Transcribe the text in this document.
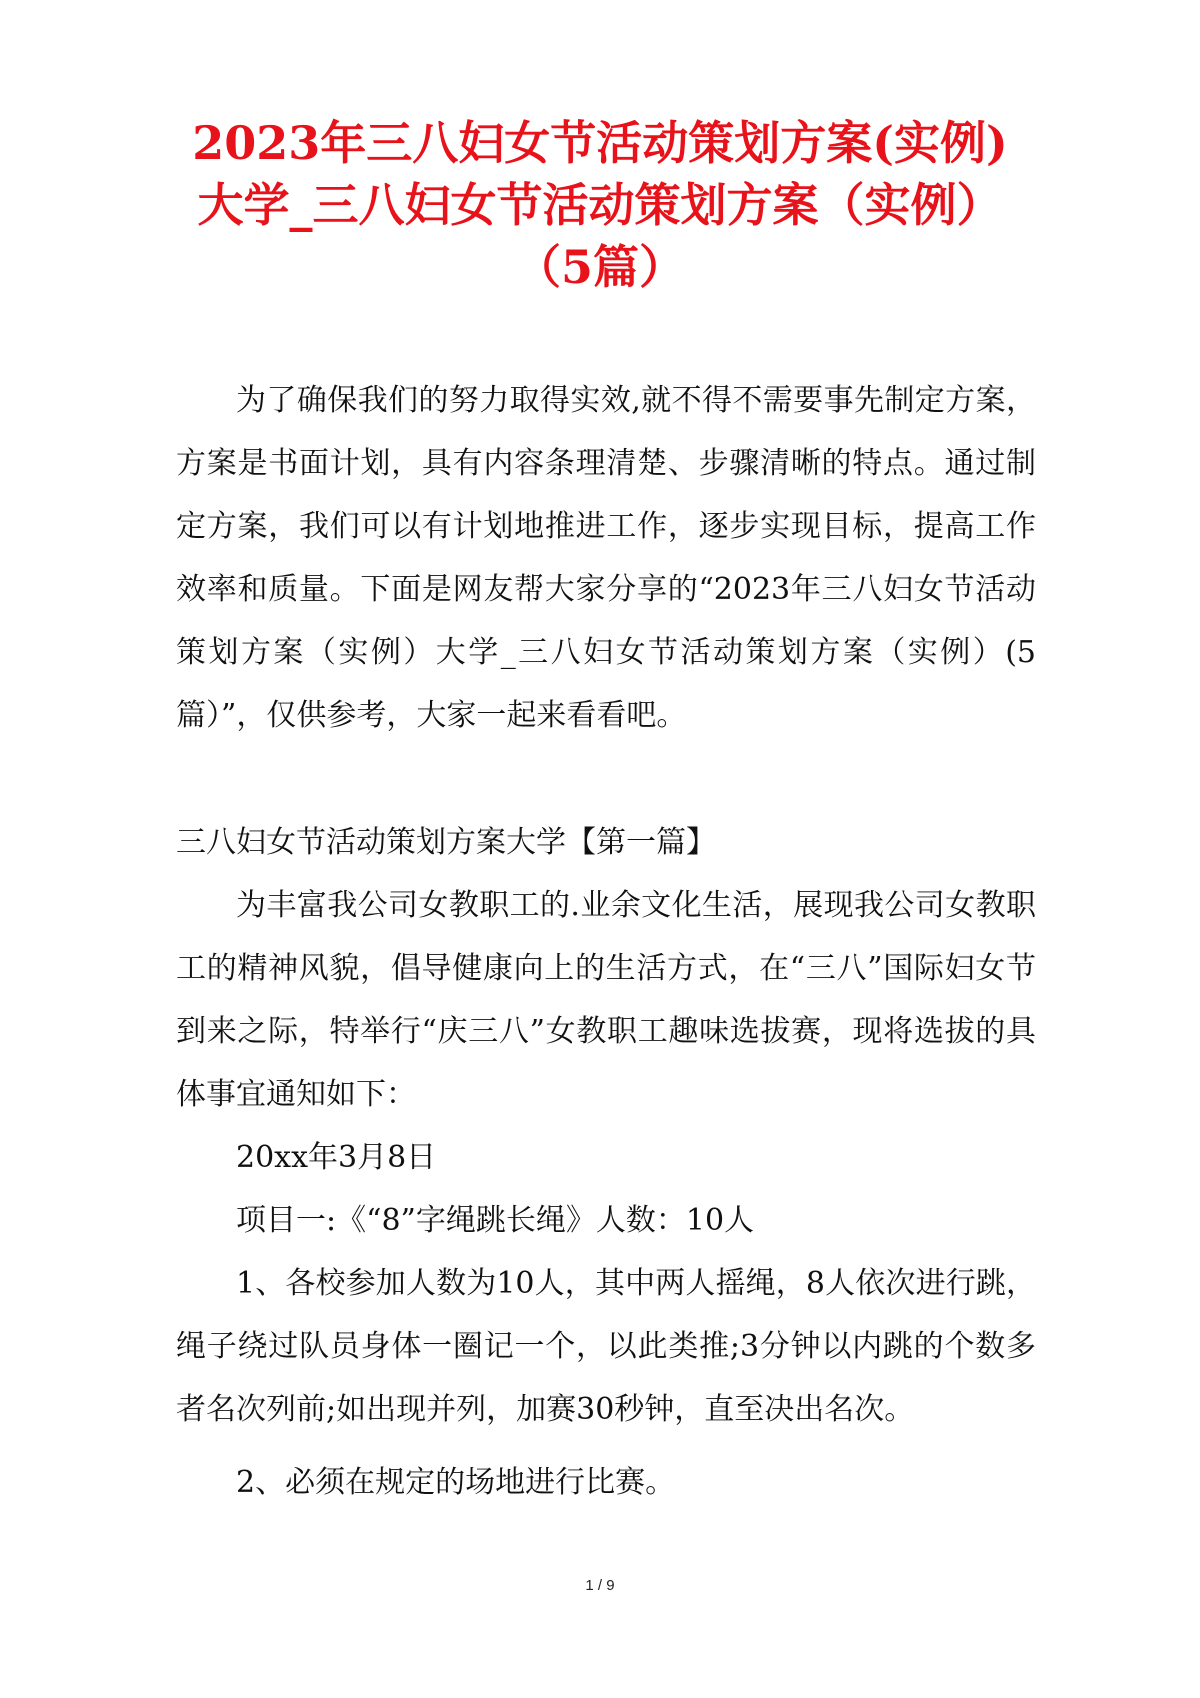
2023年三八妇女节活动策划方案(实例)
大学_三八妇女节活动策划方案（实例）
（5篇）

为了确保我们的努力取得实效,就不得不需要事先制定方案，方案是书面计划，具有内容条理清楚、步骤清晰的特点。通过制定方案，我们可以有计划地推进工作，逐步实现目标，提高工作效率和质量。下面是网友帮大家分享的“2023年三八妇女节活动策划方案（实例）大学_三八妇女节活动策划方案（实例）(5篇）”，仅供参考，大家一起来看看吧。

三八妇女节活动策划方案大学【第一篇】

为丰富我公司女教职工的.业余文化生活，展现我公司女教职工的精神风貌，倡导健康向上的生活方式，在“三八”国际妇女节到来之际，特举行“庆三八”女教职工趣味选拔赛，现将选拔的具体事宜通知如下：

20xx年3月8日

项目一:《“8”字绳跳长绳》人数：10人

1、各校参加人数为10人，其中两人摇绳，8人依次进行跳，绳子绕过队员身体一圈记一个，以此类推;3分钟以内跳的个数多者名次列前;如出现并列，加赛30秒钟，直至决出名次。

2、必须在规定的场地进行比赛。

1 / 9
